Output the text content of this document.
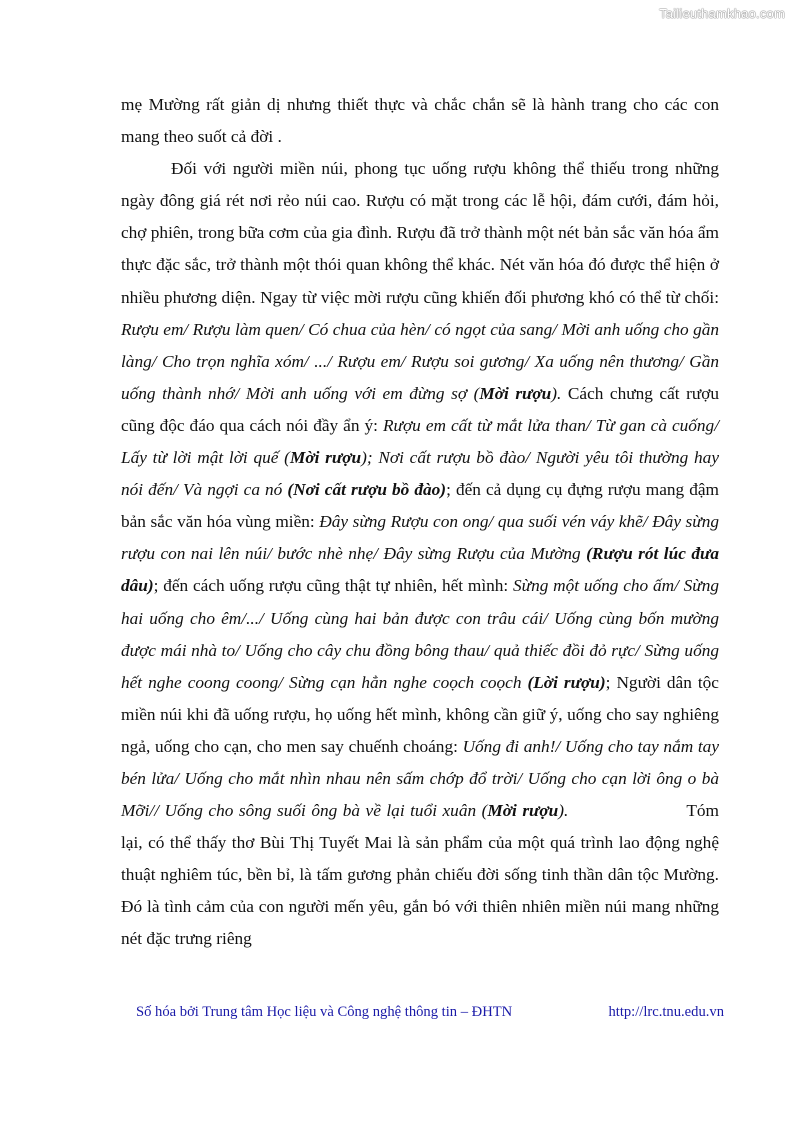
Tailieuthamkhao.com

mẹ Mường rất giản dị nhưng thiết thực và chắc chắn sẽ là hành trang cho các con mang theo suốt cả đời .

Đối với người miền núi, phong tục uống rượu không thể thiếu trong những ngày đông giá rét nơi rẻo núi cao. Rượu có mặt trong các lễ hội, đám cưới, đám hỏi, chợ phiên, trong bữa cơm của gia đình. Rượu đã trở thành một nét bản sắc văn hóa ẩm thực đặc sắc, trở thành một thói quan không thể khác. Nét văn hóa đó được thể hiện ở nhiều phương diện. Ngay từ việc mời rượu cũng khiến đối phương khó có thể từ chối: Rượu em/ Rượu làm quen/ Có chua của hèn/ có ngọt của sang/ Mời anh uống cho gần làng/ Cho trọn nghĩa xóm/ .../ Rượu em/ Rượu soi gương/ Xa uống nên thương/ Gần uống thành nhớ/ Mời anh uống với em đừng sợ (Mời rượu). Cách chưng cất rượu cũng độc đáo qua cách nói đầy ẩn ý: Rượu em cất từ mắt lửa than/ Từ gan cà cuống/ Lấy từ lời mật lời quế (Mời rượu); Nơi cất rượu bồ đào/ Người yêu tôi thường hay nói đến/ Và ngợi ca nó (Nơi cất rượu bồ đào); đến cả dụng cụ đựng rượu mang đậm bản sắc văn hóa vùng miền: Đây sừng Rượu con ong/ qua suối vén váy khẽ/ Đây sừng rượu con nai lên núi/ bước nhè nhẹ/ Đây sừng Rượu của Mường (Rượu rót lúc đưa dâu); đến cách uống rượu cũng thật tự nhiên, hết mình: Sừng một uống cho ấm/ Sừng hai uống cho êm/.../ Uống cùng hai bản được con trâu cái/ Uống cùng bốn mường được mái nhà to/ Uống cho cây chu đồng bông thau/ quả thiếc đồi đỏ rực/ Sừng uống hết nghe coong coong/ Sừng cạn hẳn nghe coọch coọch (Lời rượu); Người dân tộc miền núi khi đã uống rượu, họ uống hết mình, không cần giữ ý, uống cho say nghiêng ngả, uống cho cạn, cho men say chuếnh choáng: Uống đi anh!/ Uống cho tay nắm tay bén lửa/ Uống cho mắt nhìn nhau nên sấm chớp đổ trời/ Uống cho cạn lời ông o bà Mỡi// Uống cho sông suối ông bà về lại tuổi xuân (Mời rượu).	Tóm lại, có thể thấy thơ Bùi Thị Tuyết Mai là sản phẩm của một quá trình lao động nghệ thuật nghiêm túc, bền bỉ, là tấm gương phản chiếu đời sống tinh thần dân tộc Mường. Đó là tình cảm của con người mến yêu, gắn bó với thiên nhiên miền núi mang những nét đặc trưng riêng

Số hóa bởi Trung tâm Học liệu và Công nghệ thông tin – ĐHTN	http://lrc.tnu.edu.vn
